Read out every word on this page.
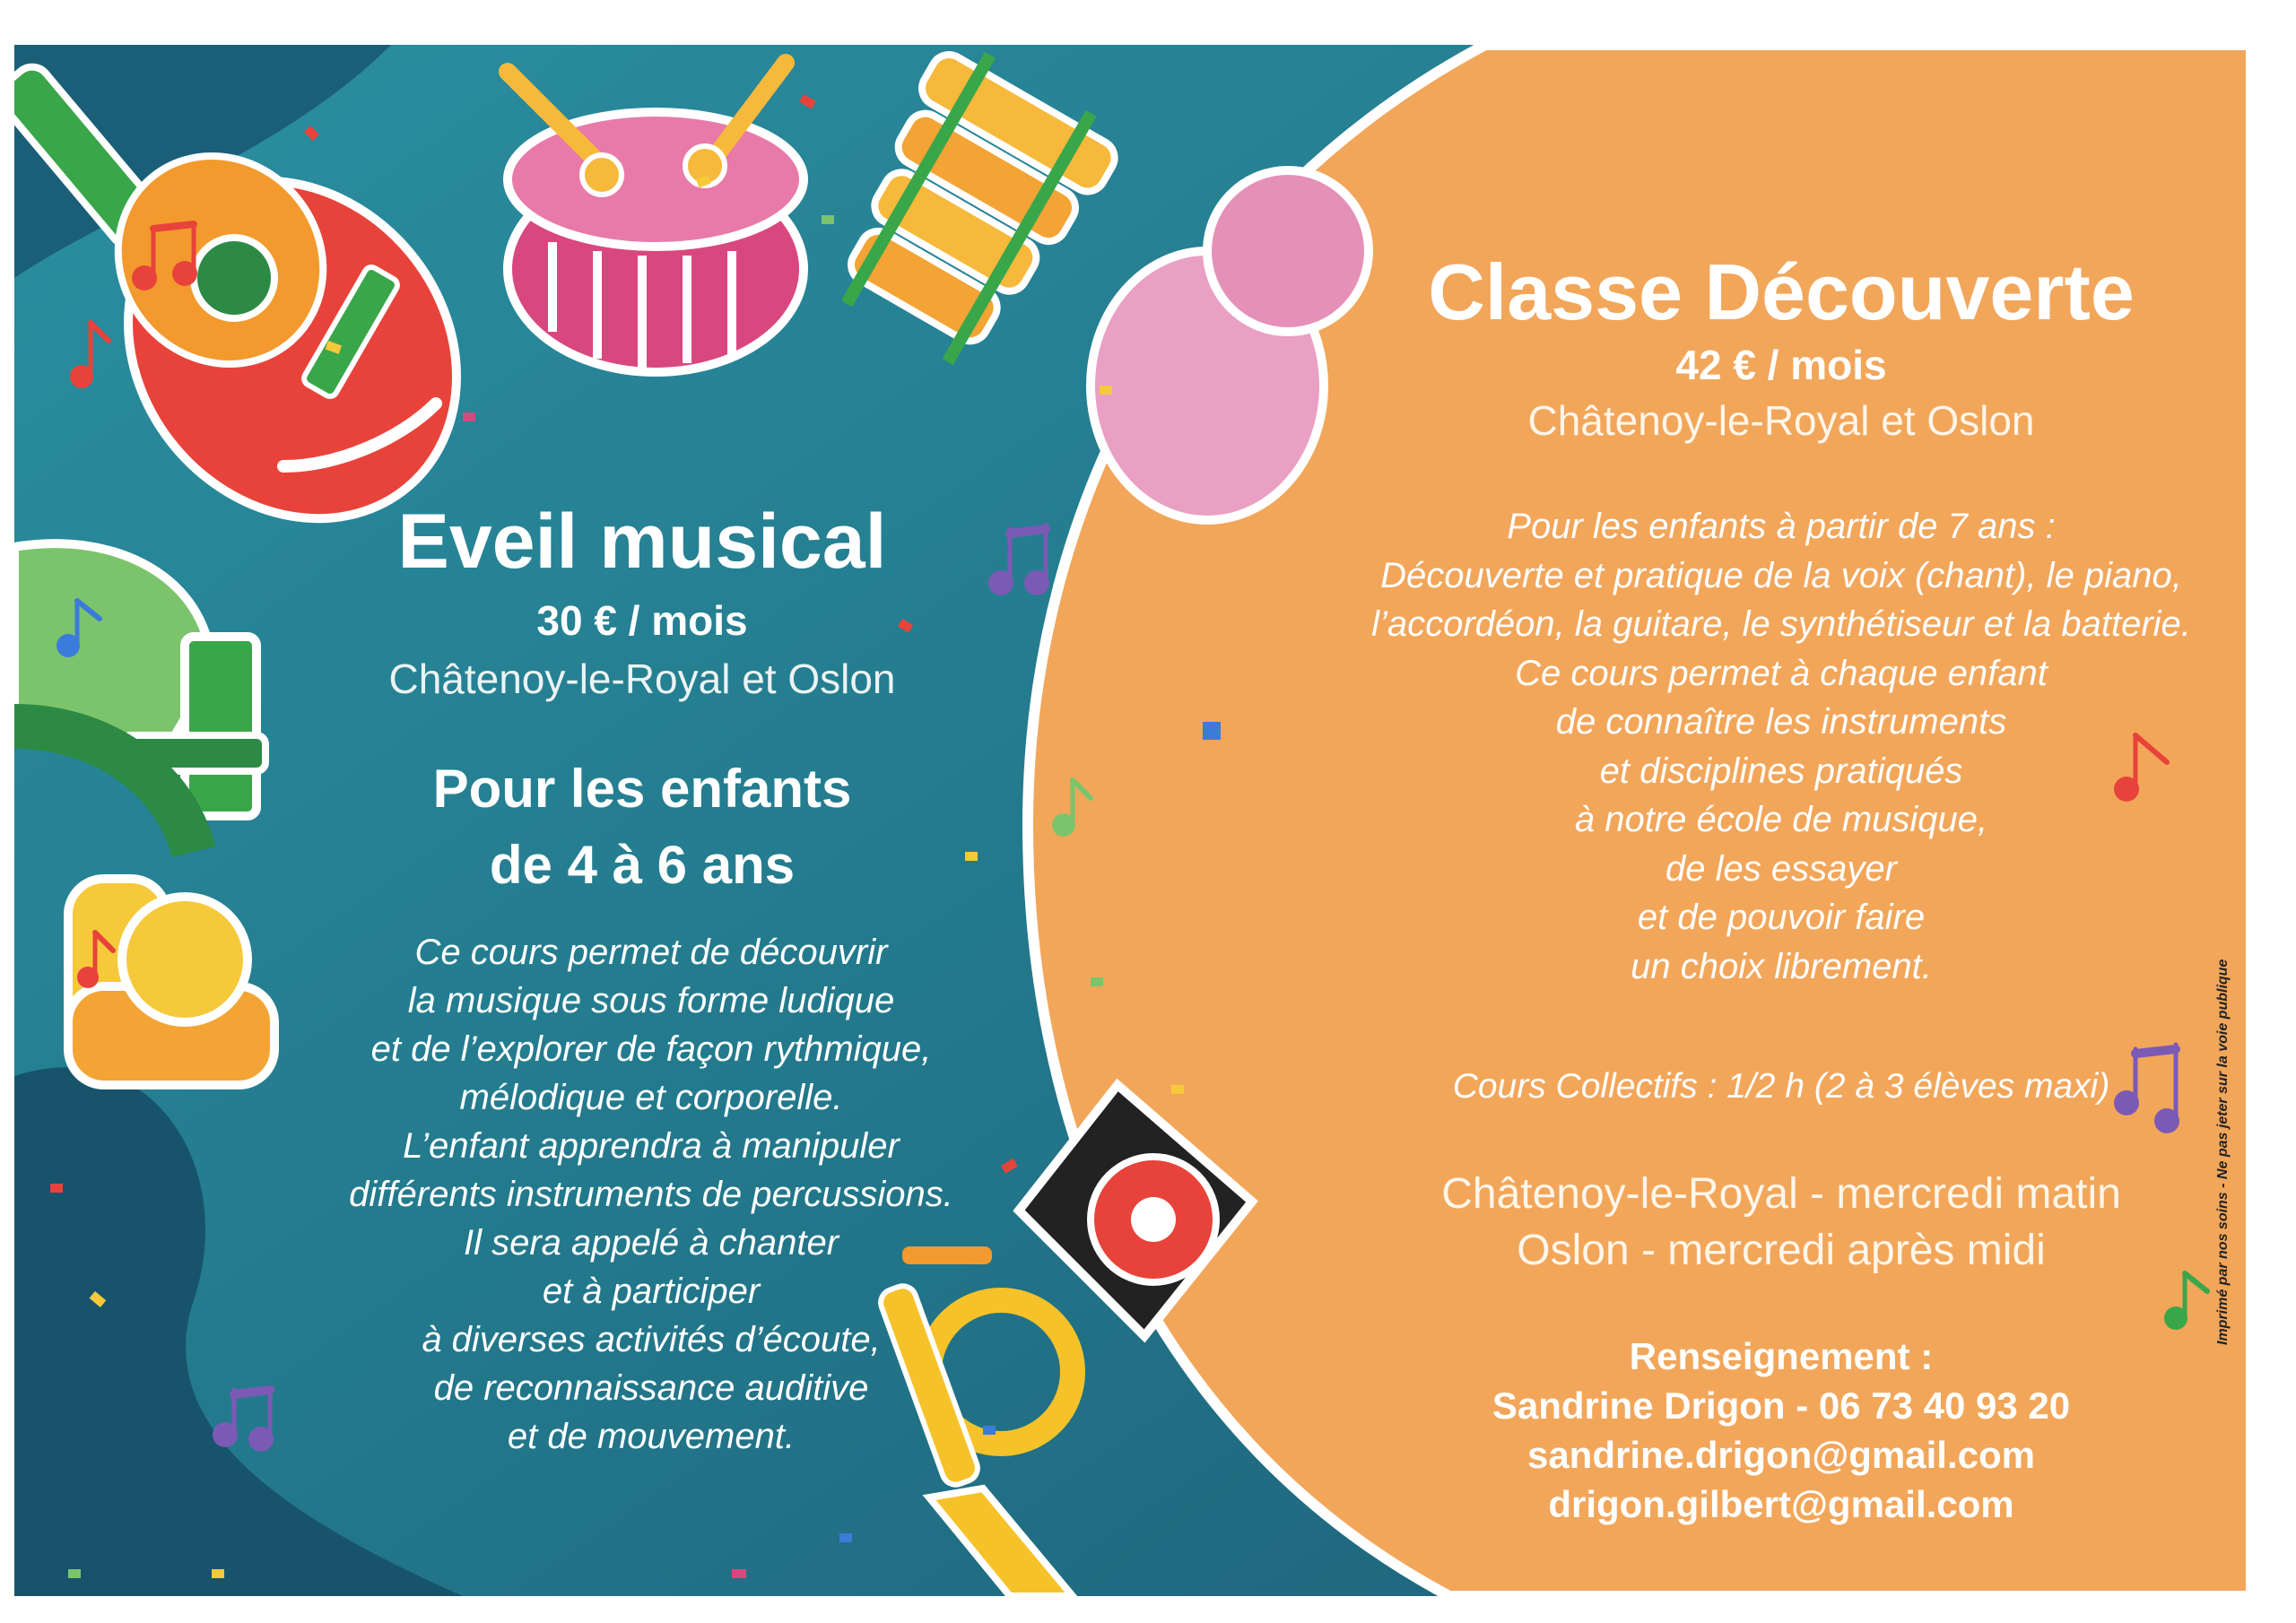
Eveil musical
30 € / mois
Châtenoy-le-Royal et Oslon
Pour les enfants
de 4 à 6 ans
Ce cours permet de découvrir
la musique sous forme ludique
et de l’explorer de façon rythmique,
mélodique et corporelle.
L’enfant apprendra à manipuler
différents instruments de percussions.
Il sera appelé à chanter
et à participer
à diverses activités d’écoute,
de reconnaissance auditive
et de mouvement.
Classe Découverte
42 € / mois
Châtenoy-le-Royal et Oslon
Pour les enfants à partir de 7 ans :
Découverte et pratique de la voix (chant), le piano,
l’accordéon, la guitare, le synthétiseur et la batterie.
Ce cours permet à chaque enfant
de connaître les instruments
et disciplines pratiqués
à notre école de musique,
de les essayer
et de pouvoir faire
un choix librement.
Cours Collectifs : 1/2 h (2 à 3 élèves maxi)
Châtenoy-le-Royal - mercredi matin
Oslon - mercredi après midi
Renseignement :
Sandrine Drigon - 06 73 40 93 20
sandrine.drigon@gmail.com
drigon.gilbert@gmail.com
Imprimé par nos soins - Ne pas jeter sur la voie publique
